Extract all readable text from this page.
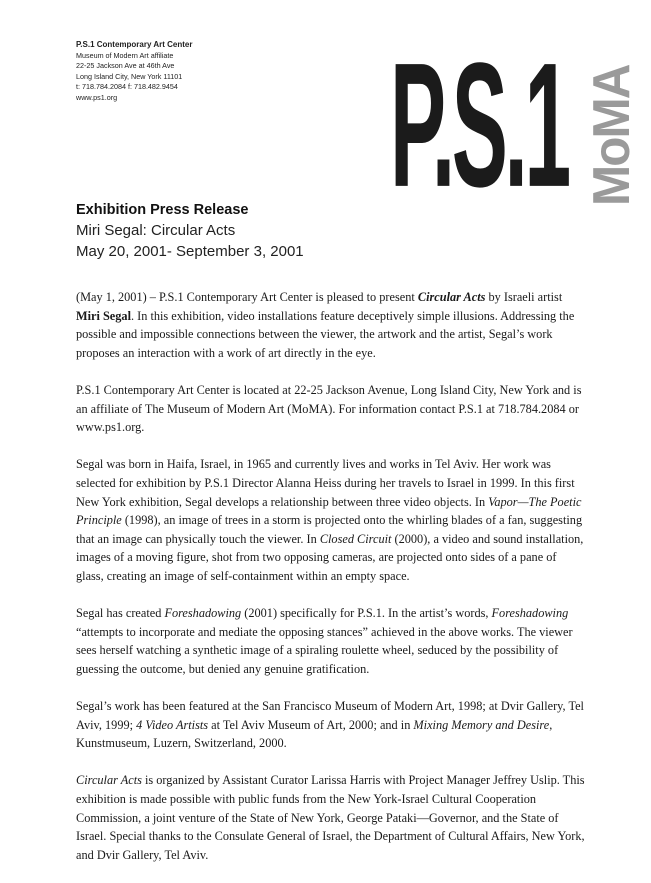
P.S.1 Contemporary Art Center
Museum of Modern Art affiliate
22-25 Jackson Ave at 46th Ave
Long Island City, New York 11101
t: 718.784.2084 f: 718.482.9454
www.ps1.org	P.S.1 MoMA
Exhibition Press Release
Miri Segal: Circular Acts
May 20, 2001- September 3, 2001

(May 1, 2001) – P.S.1 Contemporary Art Center is pleased to present Circular Acts by Israeli artist Miri Segal. In this exhibition, video installations feature deceptively simple illusions. Addressing the possible and impossible connections between the viewer, the artwork and the artist, Segal’s work proposes an interaction with a work of art directly in the eye.

P.S.1 Contemporary Art Center is located at 22-25 Jackson Avenue, Long Island City, New York and is an affiliate of The Museum of Modern Art (MoMA). For information contact P.S.1 at 718.784.2084 or www.ps1.org.

Segal was born in Haifa, Israel, in 1965 and currently lives and works in Tel Aviv. Her work was selected for exhibition by P.S.1 Director Alanna Heiss during her travels to Israel in 1999. In this first New York exhibition, Segal develops a relationship between three video objects. In Vapor—The Poetic Principle (1998), an image of trees in a storm is projected onto the whirling blades of a fan, suggesting that an image can physically touch the viewer. In Closed Circuit (2000), a video and sound installation, images of a moving figure, shot from two opposing cameras, are projected onto sides of a pane of glass, creating an image of self-containment within an empty space.

Segal has created Foreshadowing (2001) specifically for P.S.1. In the artist’s words, Foreshadowing “attempts to incorporate and mediate the opposing stances” achieved in the above works. The viewer sees herself watching a synthetic image of a spiraling roulette wheel, seduced by the possibility of guessing the outcome, but denied any genuine gratification.

Segal’s work has been featured at the San Francisco Museum of Modern Art, 1998; at Dvir Gallery, Tel Aviv, 1999; 4 Video Artists at Tel Aviv Museum of Art, 2000; and in Mixing Memory and Desire, Kunstmuseum, Luzern, Switzerland, 2000.

Circular Acts is organized by Assistant Curator Larissa Harris with Project Manager Jeffrey Uslip. This exhibition is made possible with public funds from the New York-Israel Cultural Cooperation Commission, a joint venture of the State of New York, George Pataki—Governor, and the State of Israel. Special thanks to the Consulate General of Israel, the Department of Cultural Affairs, New York, and Dvir Gallery, Tel Aviv.
